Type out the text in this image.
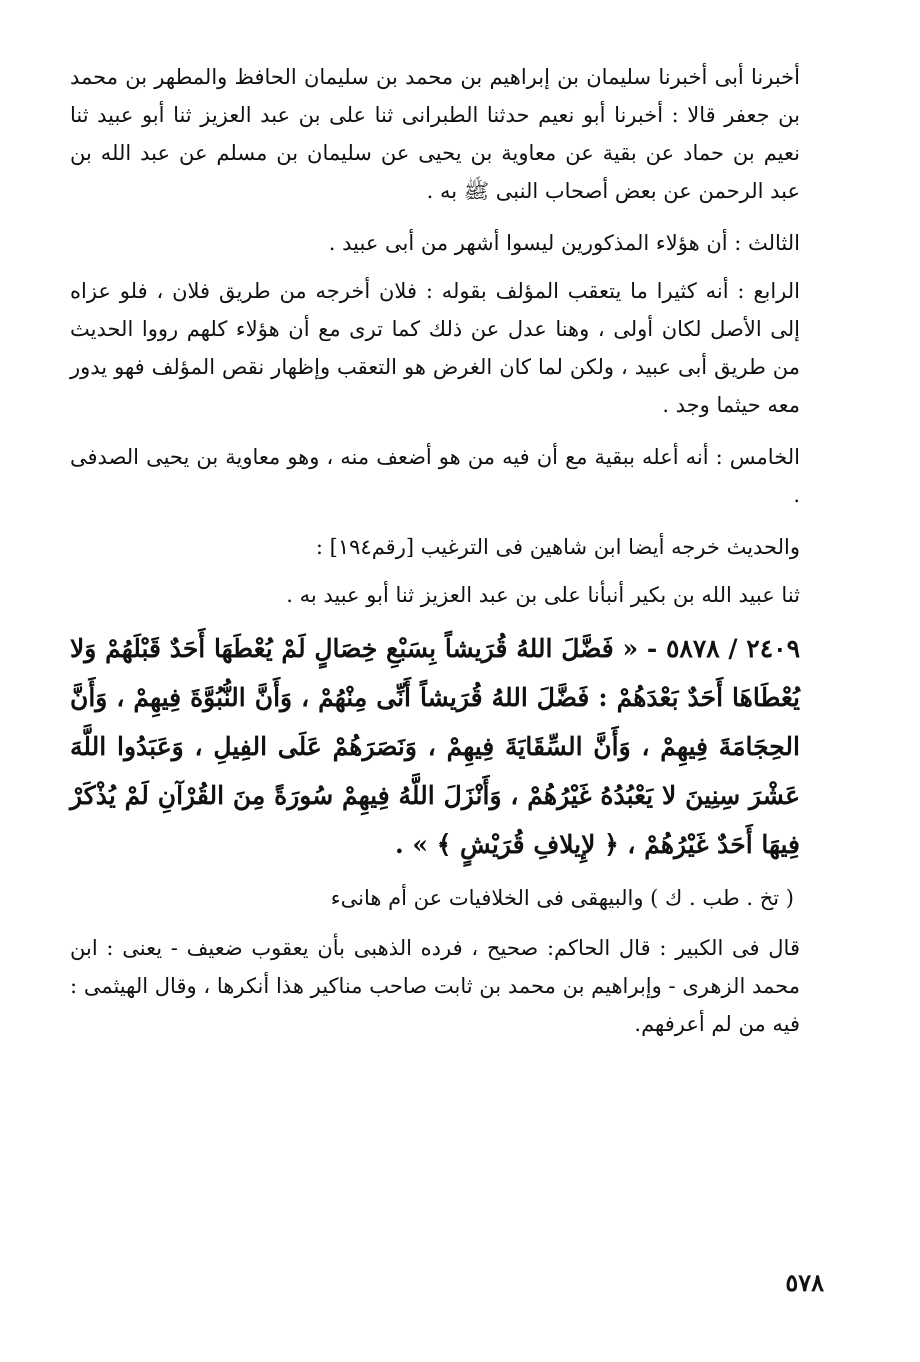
أخبرنا أبى أخبرنا سليمان بن إبراهيم بن محمد بن سليمان الحافظ والمطهر بن محمد بن جعفر قالا : أخبرنا أبو نعيم حدثنا الطبرانى ثنا على بن عبد العزيز ثنا أبو عبيد ثنا نعيم بن حماد عن بقية عن معاوية بن يحيى عن سليمان بن مسلم عن عبد الله بن عبد الرحمن عن بعض أصحاب النبى ﷺ به .

الثالث : أن هؤلاء المذكورين ليسوا أشهر من أبى عبيد .

الرابع : أنه كثيرا ما يتعقب المؤلف بقوله : فلان أخرجه من طريق فلان ، فلو عزاه إلى الأصل لكان أولى ، وهنا عدل عن ذلك كما ترى مع أن هؤلاء كلهم رووا الحديث من طريق أبى عبيد ، ولكن لما كان الغرض هو التعقب وإظهار نقص المؤلف فهو يدور معه حيثما وجد .

الخامس : أنه أعله ببقية مع أن فيه من هو أضعف منه ، وهو معاوية بن يحيى الصدفى .

والحديث خرجه أيضا ابن شاهين فى الترغيب [رقم١٩٤] :

ثنا عبيد الله بن بكير أنبأنا على بن عبد العزيز ثنا أبو عبيد به .

٢٤٠٩ / ٥٨٧٨ - « فَضَّلَ اللهُ قُرَيشاً بِسَبْعِ خِصَالٍ لَمْ يُعْطَهَا أَحَدٌ قَبْلَهُمْ وَلا يُعْطَاهَا أَحَدٌ بَعْدَهُمْ : فَضَّلَ اللهُ قُرَيشاً أَنِّى مِنْهُمْ ، وَأَنَّ النُّبُوَّةَ فِيهِمْ ، وَأَنَّ الحِجَامَةَ فِيهِمْ ، وَأَنَّ السِّقَايَةَ فِيهِمْ ، وَنَصَرَهُمْ عَلَى الفِيلِ ، وَعَبَدُوا اللَّهَ عَشْرَ سِنِينَ لا يَعْبُدُهُ غَيْرُهُمْ ، وَأَنْزَلَ اللَّهُ فِيهِمْ سُورَةً مِنَ القُرْآنِ لَمْ يُذْكَرْ فِيهَا أَحَدٌ غَيْرُهُمْ ، ﴿ لإِيلافِ قُرَيْشٍ ﴾ » .

( تخ . طب . ك ) والبيهقى فى الخلافيات عن أم هانىء

قال فى الكبير : قال الحاكم: صحيح ، فرده الذهبى بأن يعقوب ضعيف - يعنى : ابن محمد الزهرى - وإبراهيم بن محمد بن ثابت صاحب مناكير هذا أنكرها ، وقال الهيثمى : فيه من لم أعرفهم.

٥٧٨
